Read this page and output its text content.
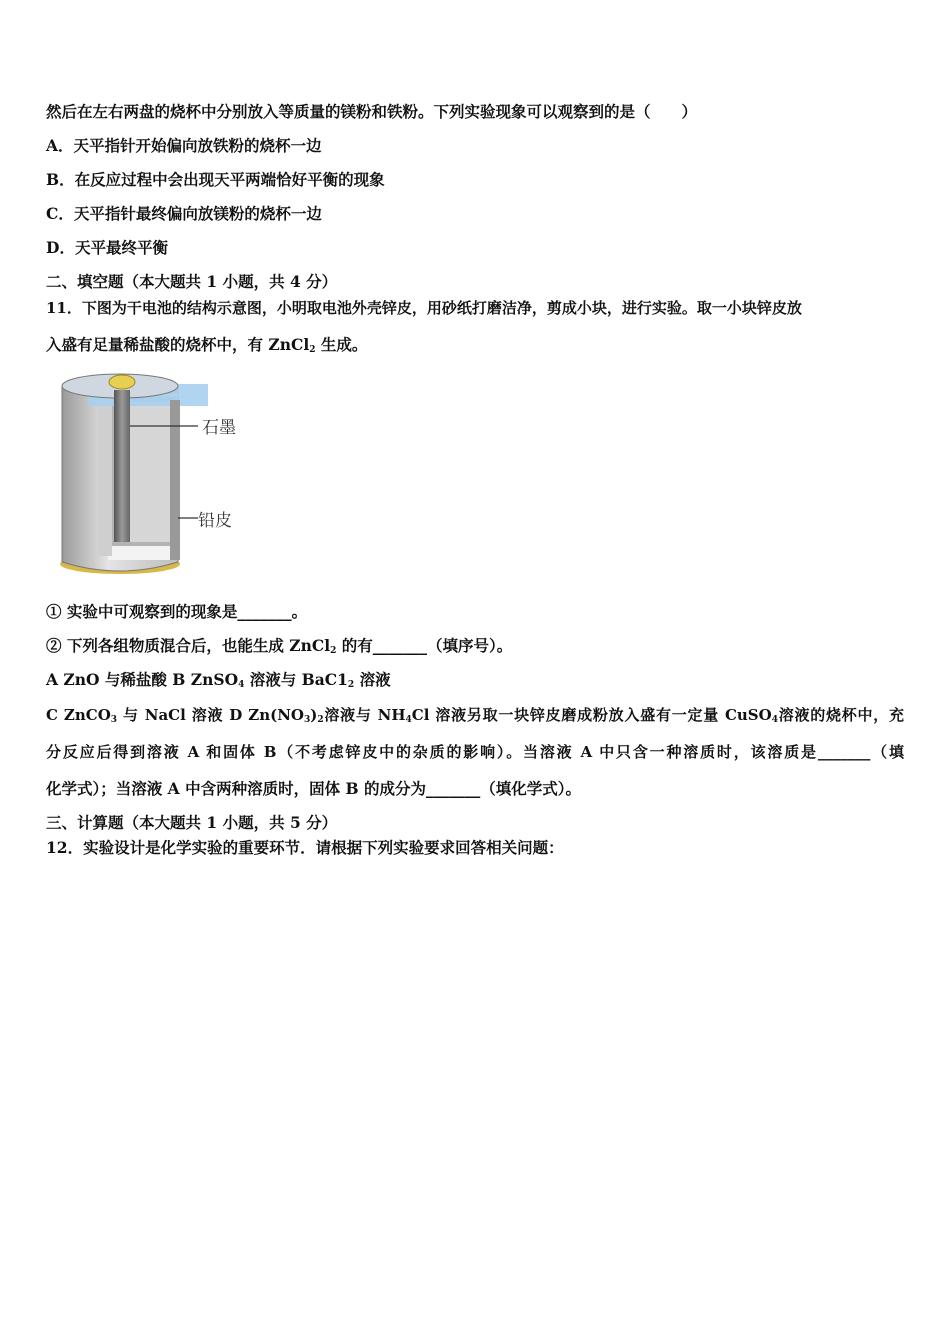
然后在左右两盘的烧杯中分别放入等质量的镁粉和铁粉。下列实验现象可以观察到的是（　　）
A．天平指针开始偏向放铁粉的烧杯一边
B．在反应过程中会出现天平两端恰好平衡的现象
C．天平指针最终偏向放镁粉的烧杯一边
D．天平最终平衡
二、填空题（本大题共 1 小题，共 4 分）
11．下图为干电池的结构示意图，小明取电池外壳锌皮，用砂纸打磨洁净，剪成小块，进行实验。取一小块锌皮放
入盛有足量稀盐酸的烧杯中，有 ZnCl$_2$ 生成。
石墨
铅皮
① 实验中可观察到的现象是_______。
② 下列各组物质混合后，也能生成 ZnCl$_2$ 的有_______（填序号）。
A ZnO 与稀盐酸 B ZnSO$_4$ 溶液与 $BaC1_2$ 溶液
C ZnCO$_3$ 与 NaCl 溶液 D $Zn(NO_3)_2$溶液与 $NH_4Cl$ 溶液另取一块锌皮磨成粉放入盛有一定量 CuSO$_4$溶液的烧杯中，充
分反应后得到溶液 A 和固体 B（不考虑锌皮中的杂质的影响）。当溶液 A 中只含一种溶质时，该溶质是_______（填
化学式）；当溶液 A 中含两种溶质时，固体 B 的成分为_______（填化学式）。
三、计算题（本大题共 1 小题，共 5 分）
12．实验设计是化学实验的重要环节．请根据下列实验要求回答相关问题：
